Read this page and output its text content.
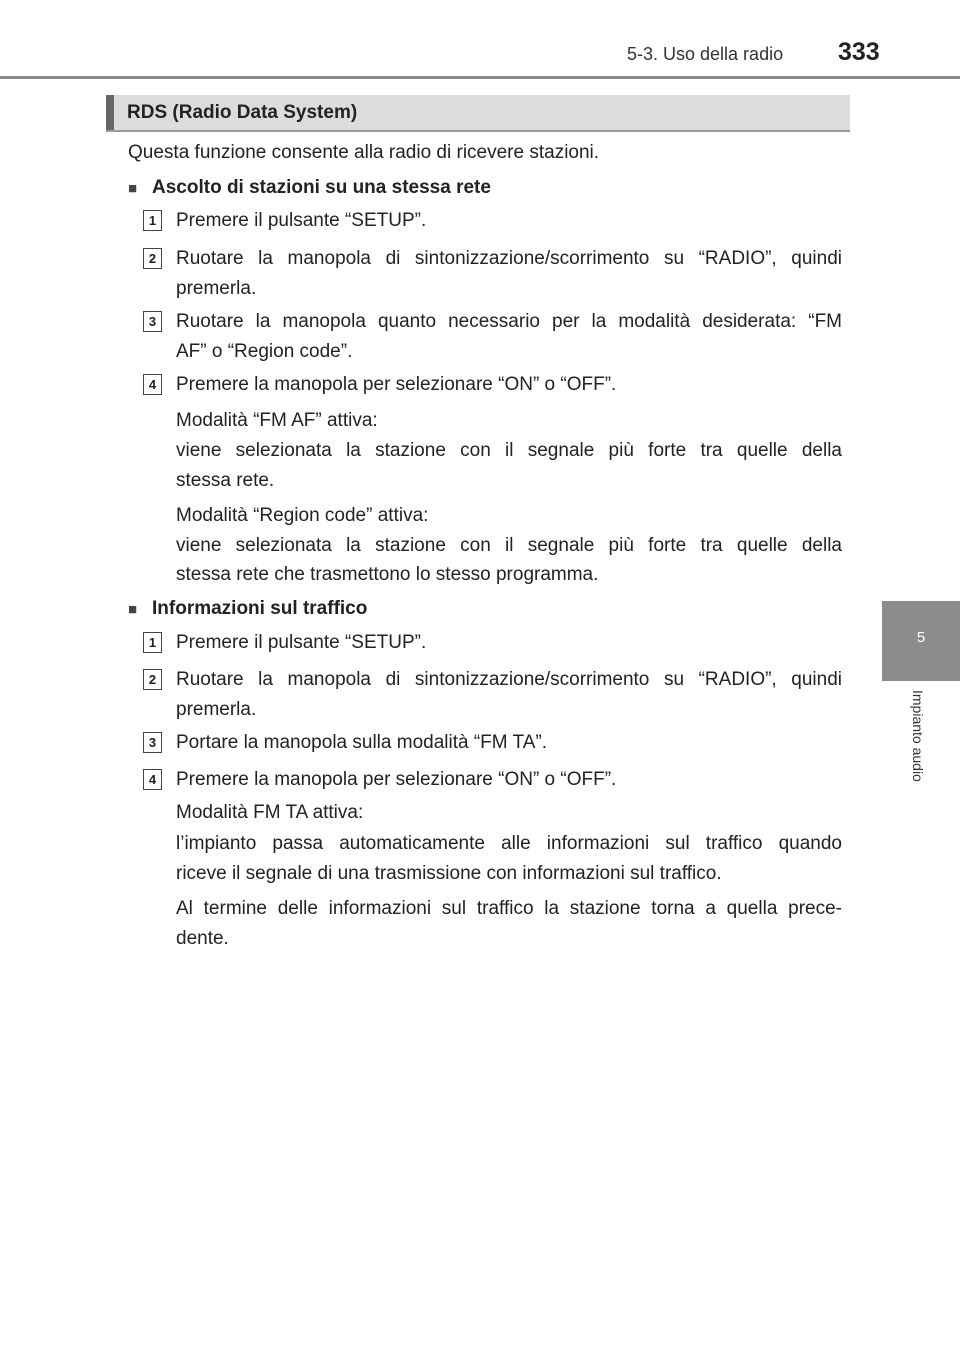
5-3. Uso della radio 333
5
Impianto audio
RDS (Radio Data System)
Questa funzione consente alla radio di ricevere stazioni.
■ Ascolto di stazioni su una stessa rete
1	Premere il pulsante “SETUP”.
2	Ruotare la manopola di sintonizzazione/scorrimento su “RADIO”, quindi
premerla.
3	Ruotare la manopola quanto necessario per la modalità desiderata: “FM
AF” o “Region code”.
4	Premere la manopola per selezionare “ON” o “OFF”.
Modalità “FM AF” attiva:
viene selezionata la stazione con il segnale più forte tra quelle della
stessa rete.
Modalità “Region code” attiva:
viene selezionata la stazione con il segnale più forte tra quelle della
stessa rete che trasmettono lo stesso programma.
■ Informazioni sul traffico
1	Premere il pulsante “SETUP”.
2	Ruotare la manopola di sintonizzazione/scorrimento su “RADIO”, quindi
premerla.
3	Portare la manopola sulla modalità “FM TA”.
4	Premere la manopola per selezionare “ON” o “OFF”.
Modalità FM TA attiva:
l’impianto passa automaticamente alle informazioni sul traffico quando
riceve il segnale di una trasmissione con informazioni sul traffico.
Al termine delle informazioni sul traffico la stazione torna a quella prece-
dente.
